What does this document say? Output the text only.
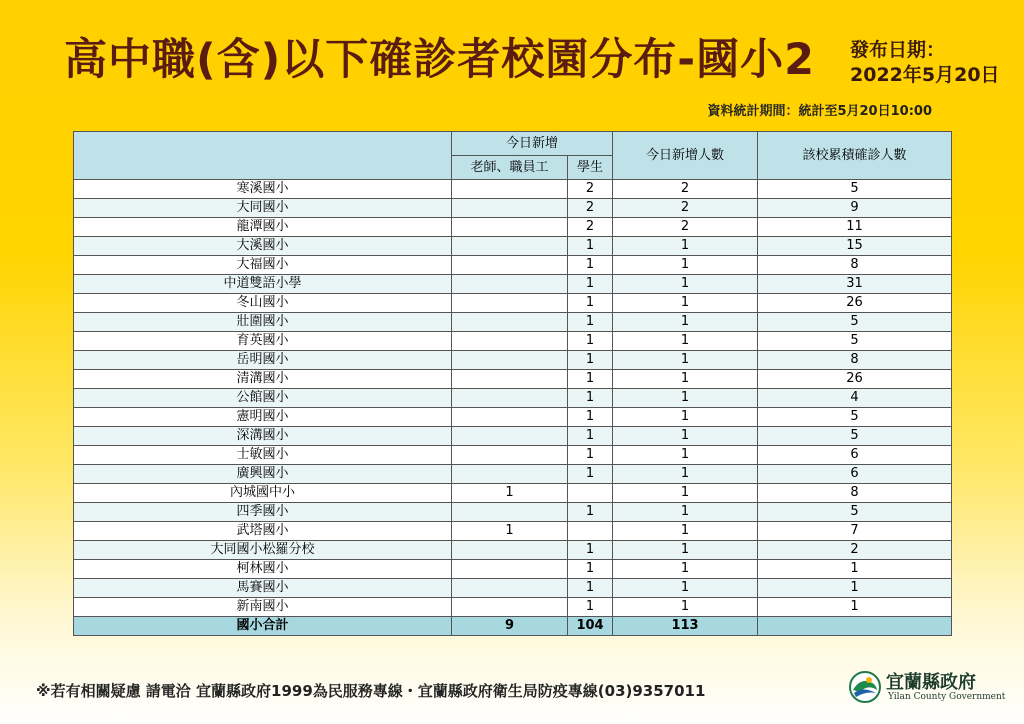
高中職(含)以下確診者校園分布-國小2 發布日期：
2022年5月20日
資料統計期間：統計至5月20日10:00
	今日新增		今日新增人數	該校累積確診人數
	老師、職員工	學生		
寒溪國小		2	2	5
大同國小		2	2	9
龍潭國小		2	2	11
大溪國小		1	1	15
大福國小		1	1	8
中道雙語小學		1	1	31
冬山國小		1	1	26
壯圍國小		1	1	5
育英國小		1	1	5
岳明國小		1	1	8
清溝國小		1	1	26
公館國小		1	1	4
憲明國小		1	1	5
深溝國小		1	1	5
士敏國小		1	1	6
廣興國小		1	1	6
內城國中小	1		1	8
四季國小		1	1	5
武塔國小	1		1	7
大同國小松羅分校		1	1	2
柯林國小		1	1	1
馬賽國小		1	1	1
新南國小		1	1	1
國小合計	9	104	113	
※若有相關疑慮 請電洽 宜蘭縣政府1999為民服務專線・宜蘭縣政府衛生局防疫專線(03)9357011	宜蘭縣政府
Yilan County Government
